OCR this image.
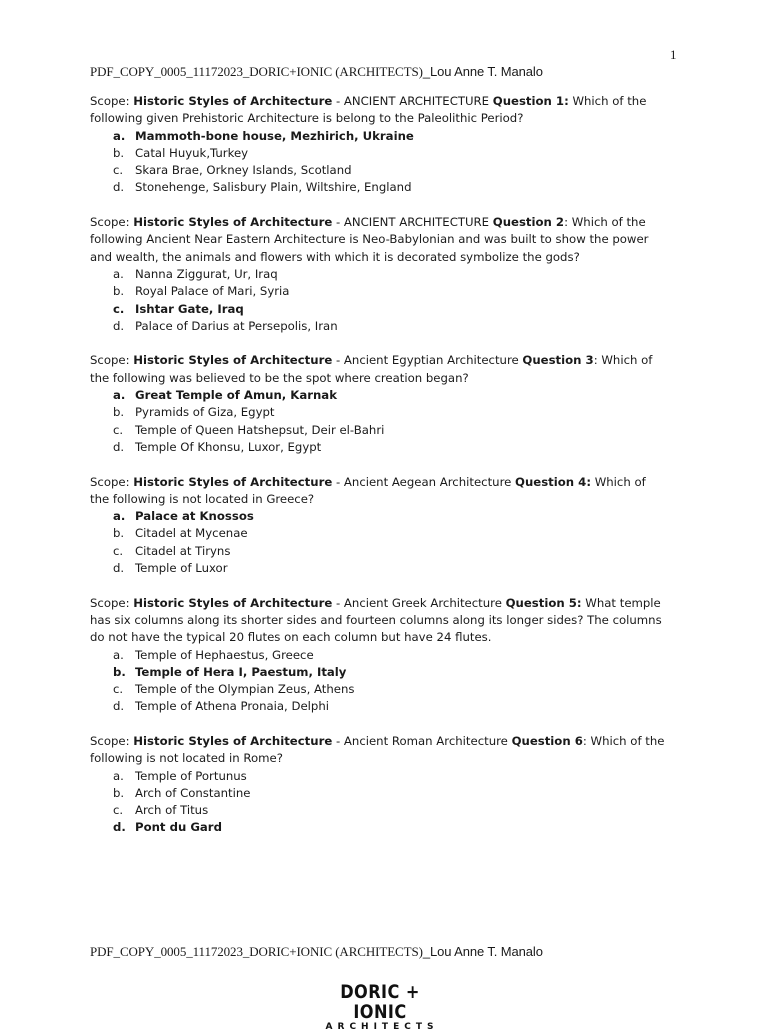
1
PDF_COPY_0005_11172023_DORIC+IONIC (ARCHITECTS)_Lou Anne T. Manalo

Scope: Historic Styles of Architecture - ANCIENT ARCHITECTURE Question 1: Which of the following given Prehistoric Architecture is belong to the Paleolithic Period?

a. Mammoth-bone house, Mezhirich, Ukraine
b. Catal Huyuk,Turkey
c.	Skara Brae, Orkney Islands, Scotland
d. Stonehenge, Salisbury Plain, Wiltshire, England

Scope: Historic Styles of Architecture - ANCIENT ARCHITECTURE Question 2: Which of the following Ancient Near Eastern Architecture is Neo-Babylonian and was built to show the power and wealth, the animals and flowers with which it is decorated symbolize the gods?

a. Nanna Ziggurat, Ur, Iraq
b. Royal Palace of Mari, Syria
c. Ishtar Gate, Iraq
d. Palace of Darius at Persepolis, Iran

Scope: Historic Styles of Architecture - Ancient Egyptian Architecture Question 3: Which of the following was believed to be the spot where creation began?

a. Great Temple of Amun, Karnak
b. Pyramids of Giza, Egypt
c.	Temple of Queen Hatshepsut, Deir el-Bahri
d. Temple Of Khonsu, Luxor, Egypt

Scope: Historic Styles of Architecture - Ancient Aegean Architecture Question 4: Which of the following is not located in Greece?

a. Palace at Knossos
b. Citadel at Mycenae
c.	Citadel at Tiryns
d. Temple of Luxor

Scope: Historic Styles of Architecture - Ancient Greek Architecture Question 5: What temple has six columns along its shorter sides and fourteen columns along its longer sides? The columns do not have the typical 20 flutes on each column but have 24 flutes.

a. Temple of Hephaestus, Greece
b. Temple of Hera I, Paestum, Italy
c.	Temple of the Olympian Zeus, Athens
d. Temple of Athena Pronaia, Delphi

Scope: Historic Styles of Architecture - Ancient Roman Architecture Question 6: Which of the following is not located in Rome?

a. Temple of Portunus
b. Arch of Constantine
c.	Arch of Titus
d. Pont du Gard
PDF_COPY_0005_11172023_DORIC+IONIC (ARCHITECTS)_Lou Anne T. Manalo
DORIC + IONIC
ARCHITECTS
